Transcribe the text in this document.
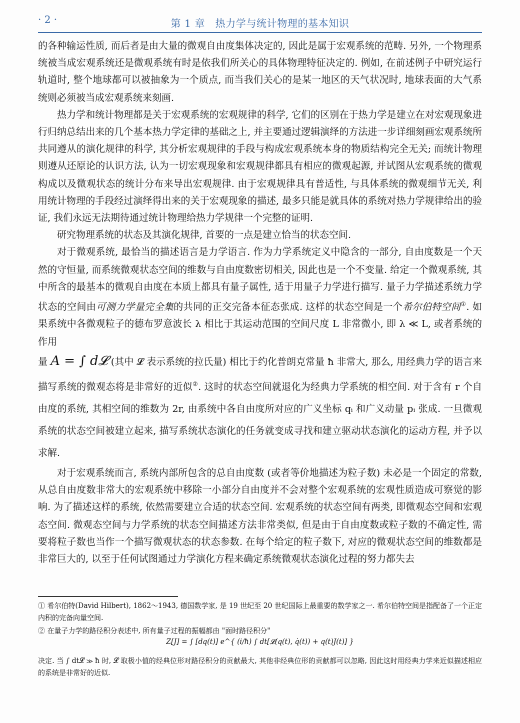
· 2 ·	第 1 章　热力学与统计物理的基本知识

的各种输运性质, 而后者是由大量的微观自由度集体决定的, 因此是属于宏观系统的范畴. 另外, 一个物理系统被当成宏观系统还是微观系统有时是依我们所关心的具体物理特征决定的. 例如, 在前述例子中研究运行轨道时, 整个地球都可以被抽象为一个质点, 而当我们关心的是某一地区的天气状况时, 地球表面的大气系统则必须被当成宏观系统来刻画.

热力学和统计物理都是关于宏观系统的宏观规律的科学, 它们的区别在于热力学是建立在对宏观现象进行归纳总结出来的几个基本热力学定律的基础之上, 并主要通过逻辑演绎的方法进一步详细刻画宏观系统所共同遵从的演化规律的科学, 其分析宏观规律的手段与构成宏观系统本身的物质结构完全无关; 而统计物理则遵从还原论的认识方法, 认为一切宏观现象和宏观规律都具有相应的微观起源, 并试图从宏观系统的微观构成以及微观状态的统计分布来导出宏观规律. 由于宏观规律具有普适性, 与具体系统的微观细节无关, 利用统计物理的手段经过演绎得出来的关于宏观现象的描述, 最多只能是就具体的系统对热力学规律给出的验证, 我们永远无法期待通过统计物理给热力学规律一个完整的证明.

研究物理系统的状态及其演化规律, 首要的一点是建立恰当的状态空间.

对于微观系统, 最恰当的描述语言是力学语言. 作为力学系统定义中隐含的一部分, 自由度数是一个天然的守恒量, 而系统微观状态空间的维数与自由度数密切相关, 因此也是一个不变量. 给定一个微观系统, 其中所含的最基本的微观自由度在本质上都具有量子属性, 适于用量子力学进行描写. 量子力学描述系统力学状态的空间由可测力学量完全集的共同的正交完备本征态张成. 这样的状态空间是一个希尔伯特空间①. 如果系统中各微观粒子的德布罗意波长 λ 相比于其运动范围的空间尺度 L 非常微小, 即 λ ≪ L, 或者系统的作用

量 A = ∫ d𝓛 (其中 𝓛 表示系统的拉氏量) 相比于约化普朗克常量 ħ 非常大, 那么, 用经典力学的语言来描写系统的微观态将是非常好的近似②. 这时的状态空间就退化为经典力学系统的相空间. 对于含有 r 个自由度的系统, 其相空间的维数为 2r, 由系统中各自由度所对应的广义坐标 qᵢ 和广义动量 pᵢ 张成. 一旦微观系统的状态空间被建立起来, 描写系统状态演化的任务就变成寻找和建立驱动状态演化的运动方程, 并予以求解.

对于宏观系统而言, 系统内部所包含的总自由度数 (或者等价地描述为粒子数) 未必是一个固定的常数, 从总自由度数非常大的宏观系统中移除一小部分自由度并不会对整个宏观系统的宏观性质造成可察觉的影响. 为了描述这样的系统, 依然需要建立合适的状态空间. 宏观系统的状态空间有两类, 即微观态空间和宏观态空间. 微观态空间与力学系统的状态空间描述方法非常类似, 但是由于自由度数或粒子数的不确定性, 需要将粒子数也当作一个描写微观状态的状态参数. 在每个给定的粒子数下, 对应的微观状态空间的维数都是非常巨大的, 以至于任何试图通过力学演化方程来确定系统微观状态演化过程的努力都失去

① 希尔伯特(David Hilbert), 1862～1943, 德国数学家, 是 19 世纪至 20 世纪国际上最重要的数学家之一. 希尔伯特空间是指配备了一个正定内积的完备向量空间.
② 在量子力学的路径积分表述中, 所有量子过程的振幅都由 "面时路径积分"
Z[J] = ∫ [dq(t)] e^{ (i/ħ) ∫ dt[𝓛(q(t), q̇(t)) + q(t)J(t)] }
决定. 当 ∫ dt𝓛 ≫ ħ 时, 𝓛 取极小值的经典位形对路径积分的贡献最大, 其他非经典位形的贡献都可以忽略, 因此这时用经典力学来近似描述相应的系统是非常好的近似.
